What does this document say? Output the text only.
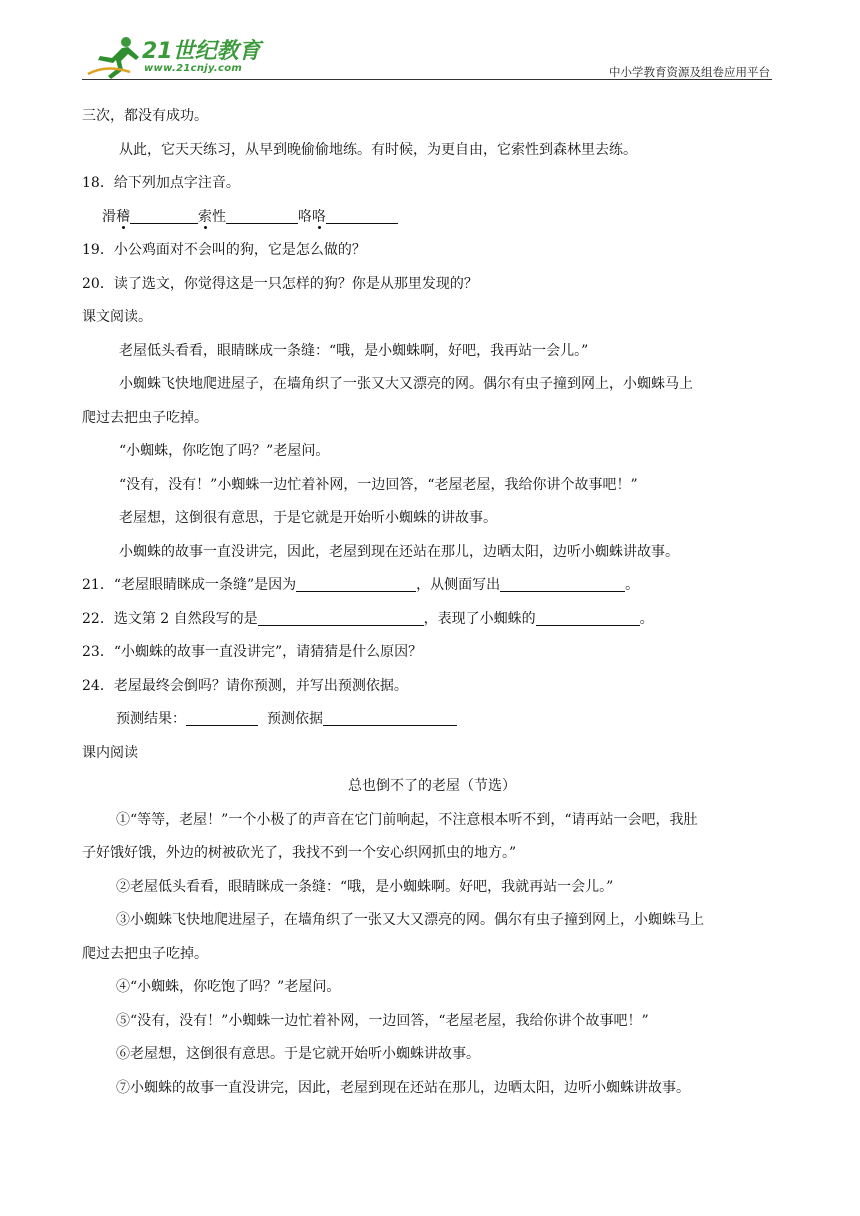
21世纪教育
www.21cnjy.com	中小学教育资源及组卷应用平台
三次，都没有成功。
从此，它天天练习，从早到晚偷偷地练。有时候，为更自由，它索性到森林里去练。
18．给下列加点字注音。
滑稽	索性	咯咯
19．小公鸡面对不会叫的狗，它是怎么做的？
20．读了选文，你觉得这是一只怎样的狗？你是从那里发现的？
课文阅读。
老屋低头看看，眼睛眯成一条缝：“哦，是小蜘蛛啊，好吧，我再站一会儿。”
小蜘蛛飞快地爬进屋子，在墙角织了一张又大又漂亮的网。偶尔有虫子撞到网上，小蜘蛛马上
爬过去把虫子吃掉。
“小蜘蛛，你吃饱了吗？”老屋问。
“没有，没有！”小蜘蛛一边忙着补网，一边回答，“老屋老屋，我给你讲个故事吧！”
老屋想，这倒很有意思，于是它就是开始听小蜘蛛的讲故事。
小蜘蛛的故事一直没讲完，因此，老屋到现在还站在那儿，边晒太阳，边听小蜘蛛讲故事。
21．“老屋眼睛眯成一条缝”是因为	，从侧面写出	。
22．选文第 2 自然段写的是	，表现了小蜘蛛的	。
23．“小蜘蛛的故事一直没讲完”，请猜猜是什么原因？
24．老屋最终会倒吗？请你预测，并写出预测依据。
预测结果：	预测依据
课内阅读
总也倒不了的老屋（节选）
①“等等，老屋！”一个小极了的声音在它门前响起，不注意根本听不到，“请再站一会吧，我肚
子好饿好饿，外边的树被砍光了，我找不到一个安心织网抓虫的地方。”
②老屋低头看看，眼睛眯成一条缝：“哦，是小蜘蛛啊。好吧，我就再站一会儿。”
③小蜘蛛飞快地爬进屋子，在墙角织了一张又大又漂亮的网。偶尔有虫子撞到网上，小蜘蛛马上
爬过去把虫子吃掉。
④“小蜘蛛，你吃饱了吗？”老屋问。
⑤“没有，没有！”小蜘蛛一边忙着补网，一边回答，“老屋老屋，我给你讲个故事吧！”
⑥老屋想，这倒很有意思。于是它就开始听小蜘蛛讲故事。
⑦小蜘蛛的故事一直没讲完，因此，老屋到现在还站在那儿，边晒太阳，边听小蜘蛛讲故事。
